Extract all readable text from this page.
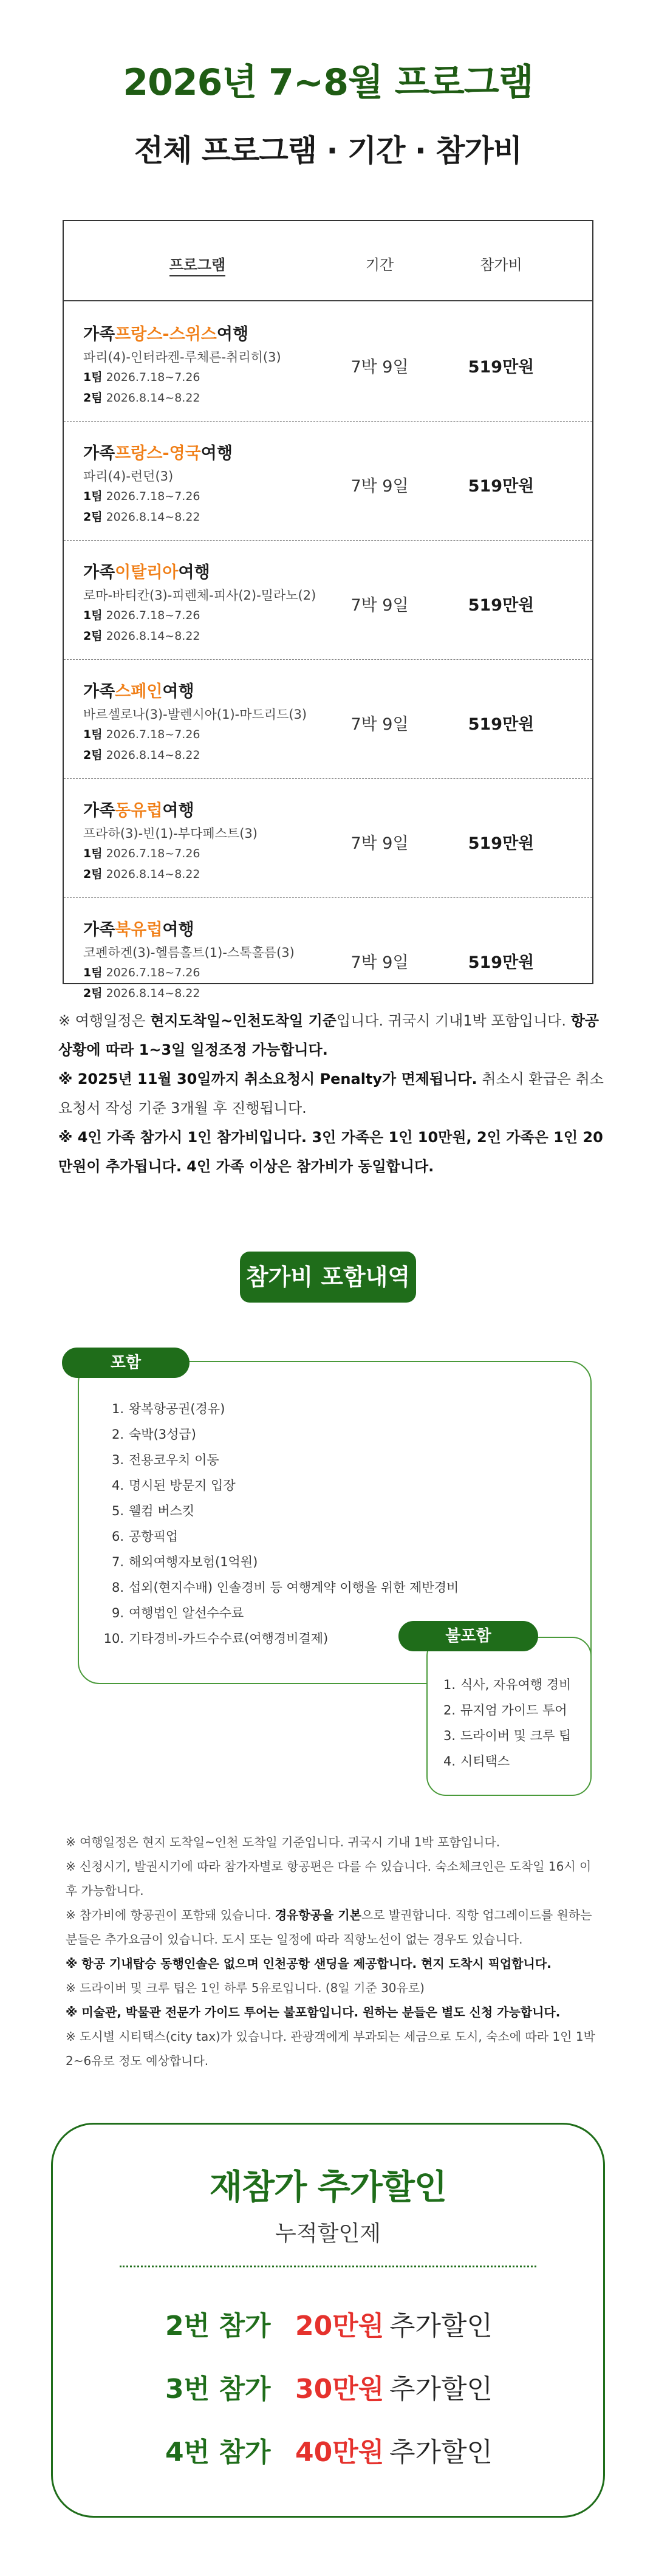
2026년 7~8월 프로그램
전체 프로그램 · 기간 · 참가비
프로그램	기간	참가비
가족프랑스-스위스여행
파리(4)-인터라켄-루체른-취리히(3)
1팀 2026.7.18~7.26
2팀 2026.8.14~8.22
7박 9일	519만원
가족프랑스-영국여행
파리(4)-런던(3)
1팀 2026.7.18~7.26
2팀 2026.8.14~8.22
7박 9일	519만원
가족이탈리아여행
로마-바티칸(3)-피렌체-피사(2)-밀라노(2)
1팀 2026.7.18~7.26
2팀 2026.8.14~8.22
7박 9일	519만원
가족스페인여행
바르셀로나(3)-발렌시아(1)-마드리드(3)
1팀 2026.7.18~7.26
2팀 2026.8.14~8.22
7박 9일	519만원
가족동유럽여행
프라하(3)-빈(1)-부다페스트(3)
1팀 2026.7.18~7.26
2팀 2026.8.14~8.22
7박 9일	519만원
가족북유럽여행
코펜하겐(3)-헬름홀트(1)-스톡홀름(3)
1팀 2026.7.18~7.26
2팀 2026.8.14~8.22
7박 9일	519만원

※ 여행일정은 현지도착일~인천도착일 기준입니다. 귀국시 기내1박 포함입니다. 항공상황에 따라 1~3일 일정조정 가능합니다.

※ 2025년 11월 30일까지 취소요청시 Penalty가 면제됩니다. 취소시 환급은 취소요청서 작성 기준 3개월 후 진행됩니다.

※ 4인 가족 참가시 1인 참가비입니다. 3인 가족은 1인 10만원, 2인 가족은 1인 20만원이 추가됩니다. 4인 가족 이상은 참가비가 동일합니다.

참가비 포함내역
포함
1. 왕복항공권(경유)
2. 숙박(3성급)
3. 전용코우치 이동
4. 명시된 방문지 입장
5. 웰컴 버스킷
6. 공항픽업
7. 해외여행자보험(1억원)
8. 섭외(현지수배) 인솔경비 등 여행계약 이행을 위한 제반경비
9. 여행법인 알선수수료
10. 기타경비-카드수수료(여행경비결제)	불포함
1. 식사, 자유여행 경비
2. 뮤지엄 가이드 투어
3. 드라이버 및 크루 팁
4. 시티택스

※ 여행일정은 현지 도착일~인천 도착일 기준입니다. 귀국시 기내 1박 포함입니다.

※ 신청시기, 발권시기에 따라 참가자별로 항공편은 다를 수 있습니다. 숙소체크인은 도착일 16시 이후 가능합니다.

※ 참가비에 항공권이 포함돼 있습니다. 경유항공을 기본으로 발권합니다. 직항 업그레이드를 원하는 분들은 추가요금이 있습니다. 도시 또는 일정에 따라 직항노선이 없는 경우도 있습니다.

※ 항공 기내탑승 동행인솔은 없으며 인천공항 샌딩을 제공합니다. 현지 도착시 픽업합니다.

※ 드라이버 및 크루 팁은 1인 하루 5유로입니다. (8일 기준 30유로)

※ 미술관, 박물관 전문가 가이드 투어는 불포함입니다. 원하는 분들은 별도 신청 가능합니다.

※ 도시별 시티택스(city tax)가 있습니다. 관광객에게 부과되는 세금으로 도시, 숙소에 따라 1인 1박 2~6유로 정도 예상합니다.

재참가 추가할인
누적할인제
2번 참가 20만원 추가할인
3번 참가 30만원 추가할인
4번 참가 40만원 추가할인
